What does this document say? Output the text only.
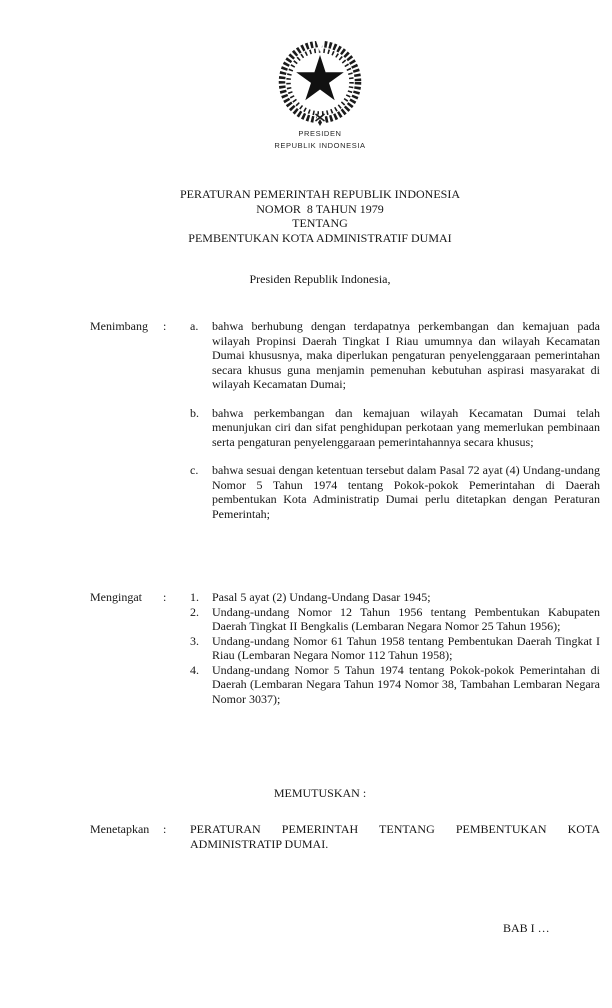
PRESIDEN
REPUBLIK INDONESIA
PERATURAN PEMERINTAH REPUBLIK INDONESIA
NOMOR  8 TAHUN 1979
TENTANG
PEMBENTUKAN KOTA ADMINISTRATIF DUMAI
Presiden Republik Indonesia,
Menimbang	:	a.	bahwa berhubung dengan terdapatnya perkembangan dan kemajuan pada wilayah Propinsi Daerah Tingkat I Riau umumnya dan wilayah Kecamatan Dumai khususnya, maka diperlukan pengaturan penyelenggaraan pemerintahan secara khusus guna menjamin pemenuhan kebutuhan aspirasi masyarakat di wilayah Kecamatan Dumai;
b.	bahwa perkembangan dan kemajuan wilayah Kecamatan Dumai telah menunjukan ciri dan sifat penghidupan perkotaan yang memerlukan pembinaan serta pengaturan penyelenggaraan pemerintahannya secara khusus;
c.	bahwa sesuai dengan ketentuan tersebut dalam Pasal 72 ayat (4) Undang-undang Nomor 5 Tahun 1974 tentang Pokok-pokok Pemerintahan di Daerah pembentukan Kota Administratip Dumai perlu ditetapkan dengan Peraturan Pemerintah;
Mengingat	:	1.	Pasal 5 ayat (2) Undang-Undang Dasar 1945;
2.	Undang-undang Nomor 12 Tahun 1956 tentang Pembentukan Kabupaten Daerah Tingkat II Bengkalis (Lembaran Negara Nomor 25 Tahun 1956);
3.	Undang-undang Nomor 61 Tahun 1958 tentang Pembentukan Daerah Tingkat I Riau (Lembaran Negara Nomor 112 Tahun 1958);
4.	Undang-undang Nomor 5 Tahun 1974 tentang Pokok-pokok Pemerintahan di Daerah (Lembaran Negara Tahun 1974 Nomor 38, Tambahan Lembaran Negara Nomor 3037);
MEMUTUSKAN :
Menetapkan	:	PERATURAN PEMERINTAH TENTANG PEMBENTUKAN KOTA ADMINISTRATIP DUMAI.
BAB I …
